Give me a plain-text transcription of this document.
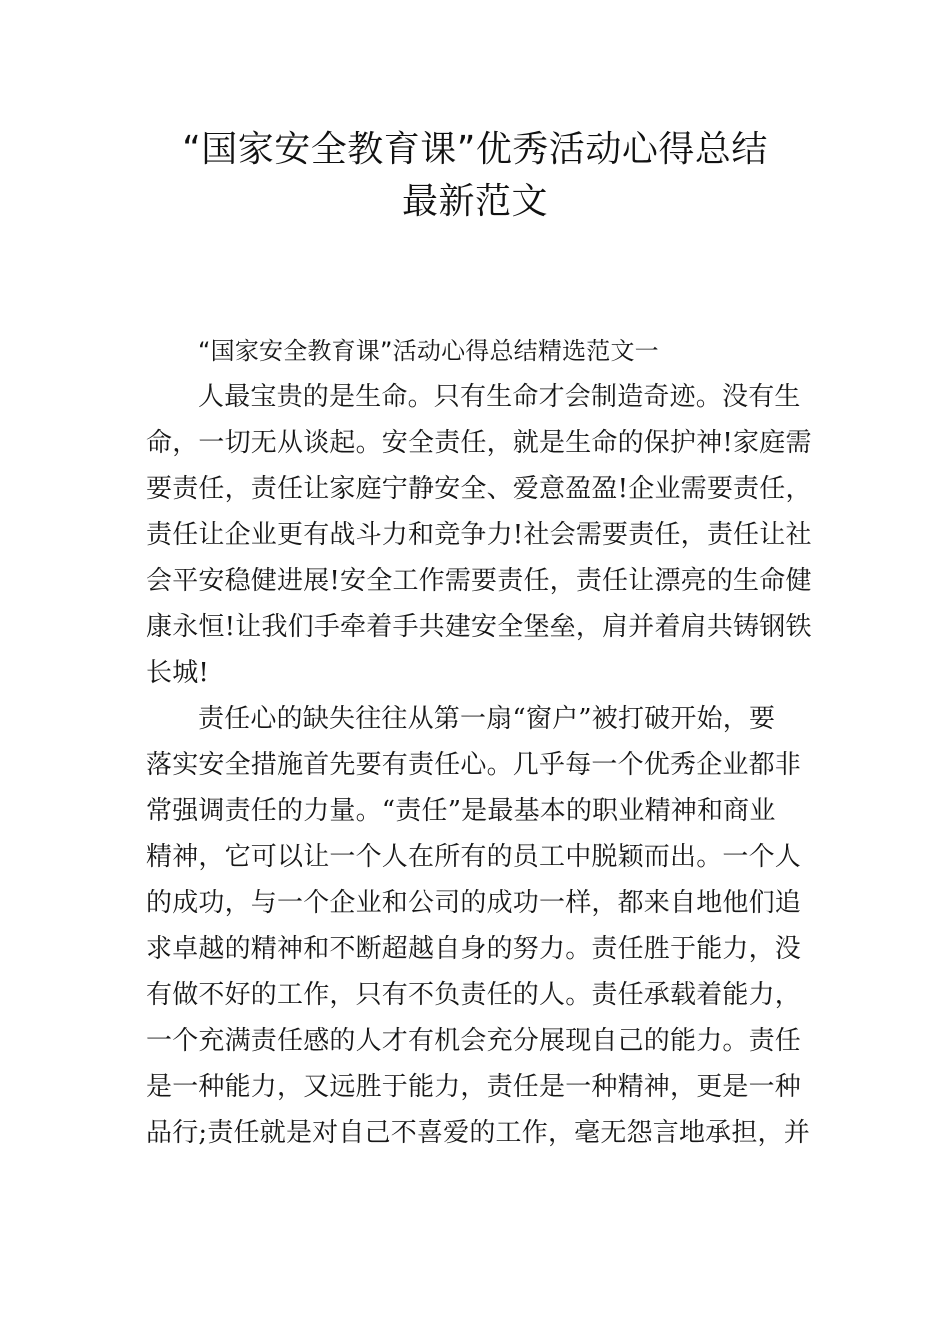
“国家安全教育课”优秀活动心得总结
最新范文
“国家安全教育课”活动心得总结精选范文一
人最宝贵的是生命。只有生命才会制造奇迹。没有生
命，一切无从谈起。安全责任，就是生命的保护神!家庭需
要责任，责任让家庭宁静安全、爱意盈盈!企业需要责任，
责任让企业更有战斗力和竞争力!社会需要责任，责任让社
会平安稳健进展!安全工作需要责任，责任让漂亮的生命健
康永恒!让我们手牵着手共建安全堡垒，肩并着肩共铸钢铁
长城!
责任心的缺失往往从第一扇“窗户”被打破开始，要
落实安全措施首先要有责任心。几乎每一个优秀企业都非
常强调责任的力量。“责任”是最基本的职业精神和商业
精神，它可以让一个人在所有的员工中脱颖而出。一个人
的成功，与一个企业和公司的成功一样，都来自地他们追
求卓越的精神和不断超越自身的努力。责任胜于能力，没
有做不好的工作，只有不负责任的人。责任承载着能力，
一个充满责任感的人才有机会充分展现自己的能力。责任
是一种能力，又远胜于能力，责任是一种精神，更是一种
品行;责任就是对自己不喜爱的工作，毫无怨言地承担，并
